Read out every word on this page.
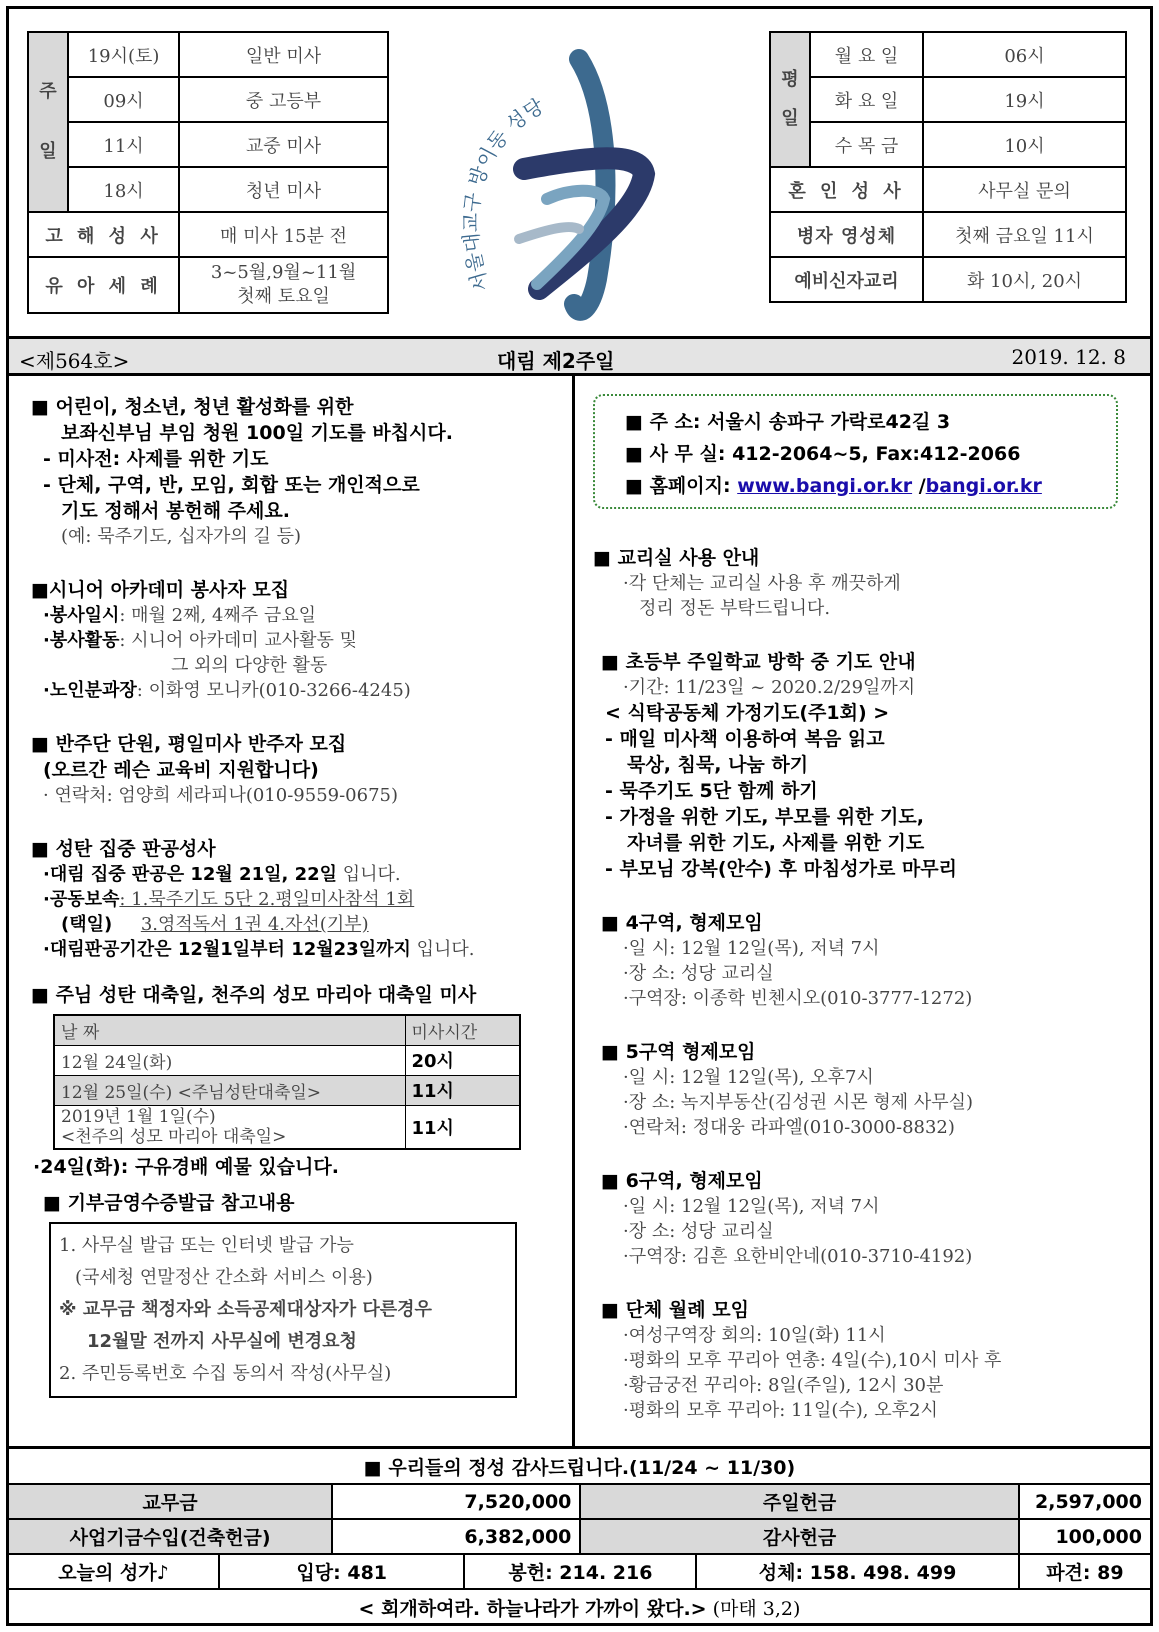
주

일	19시(토)	일반 미사
	09시	중 고등부
	11시	교중 미사
	18시	청년 미사
고 해 성 사		매 미사 15분 전
유 아 세 례		3~5월,9월~11월
첫째 토요일
서울대교구 방이동 성당
평

일	월 요 일	06시
	화 요 일	19시
	수 목 금	10시
혼 인 성 사		사무실 문의
병자 영성체		첫째 금요일 11시
예비신자교리		화 10시, 20시
<제564호>	대림 제2주일	2019. 12. 8
■ 어린이, 청소년, 청년 활성화를 위한
보좌신부님 부임 청원 100일 기도를 바칩시다.
- 미사전: 사제를 위한 기도
- 단체, 구역, 반, 모임, 회합 또는 개인적으로
기도 정해서 봉헌해 주세요.
(예: 묵주기도, 십자가의 길 등)
■시니어 아카데미 봉사자 모집
·봉사일시: 매월 2째, 4째주 금요일
·봉사활동: 시니어 아카데미 교사활동 및
그 외의 다양한 활동
·노인분과장: 이화영 모니카(010-3266-4245)
■ 반주단 단원, 평일미사 반주자 모집
(오르간 레슨 교육비 지원합니다)
· 연락처: 엄양희 세라피나(010-9559-0675)
■ 성탄 집중 판공성사
·대림 집중 판공은 12월 21일, 22일 입니다.
·공동보속: 1.묵주기도 5단 2.평일미사참석 1회
(택일) 3.영적독서 1권 4.자선(기부)
·대림판공기간은 12월1일부터 12월23일까지 입니다.
■ 주님 성탄 대축일, 천주의 성모 마리아 대축일 미사
날 짜	미사시간
12월 24일(화)	20시
12월 25일(수) <주님성탄대축일>	11시
2019년 1월 1일(수)
<천주의 성모 마리아 대축일>	11시
·24일(화): 구유경배 예물 있습니다.
■ 기부금영수증발급 참고내용
1. 사무실 발급 또는 인터넷 발급 가능
(국세청 연말정산 간소화 서비스 이용)
※ 교무금 책정자와 소득공제대상자가 다른경우
12월말 전까지 사무실에 변경요청
2. 주민등록번호 수집 동의서 작성(사무실)
■ 주 소: 서울시 송파구 가락로42길 3
■ 사 무 실: 412-2064~5, Fax:412-2066
■ 홈페이지: www.bangi.or.kr /bangi.or.kr
■ 교리실 사용 안내
·각 단체는 교리실 사용 후 깨끗하게
정리 정돈 부탁드립니다.
■ 초등부 주일학교 방학 중 기도 안내
·기간: 11/23일 ~ 2020.2/29일까지
< 식탁공동체 가정기도(주1회) >
- 매일 미사책 이용하여 복음 읽고
묵상, 침묵, 나눔 하기
- 묵주기도 5단 함께 하기
- 가정을 위한 기도, 부모를 위한 기도,
자녀를 위한 기도, 사제를 위한 기도
- 부모님 강복(안수) 후 마침성가로 마무리
■ 4구역, 형제모임
·일 시: 12월 12일(목), 저녁 7시
·장 소: 성당 교리실
·구역장: 이종학 빈첸시오(010-3777-1272)
■ 5구역 형제모임
·일 시: 12월 12일(목), 오후7시
·장 소: 녹지부동산(김성권 시몬 형제 사무실)
·연락처: 정대웅 라파엘(010-3000-8832)
■ 6구역, 형제모임
·일 시: 12월 12일(목), 저녁 7시
·장 소: 성당 교리실
·구역장: 김흔 요한비안네(010-3710-4192)
■ 단체 월례 모임
·여성구역장 회의: 10일(화) 11시
·평화의 모후 꾸리아 연총: 4일(수),10시 미사 후
·황금궁전 꾸리아: 8일(주일), 12시 30분
·평화의 모후 꾸리아: 11일(수), 오후2시
■ 우리들의 정성 감사드립니다.(11/24 ~ 11/30)						
교무금		7,520,000		주일헌금		2,597,000
사업기금수입(건축헌금)		6,382,000		감사헌금		100,000
오늘의 성가♪	입당: 481		봉헌: 214. 216		성체: 158. 498. 499	파견: 89
< 회개하여라. 하늘나라가 가까이 왔다.> (마태 3,2)						
